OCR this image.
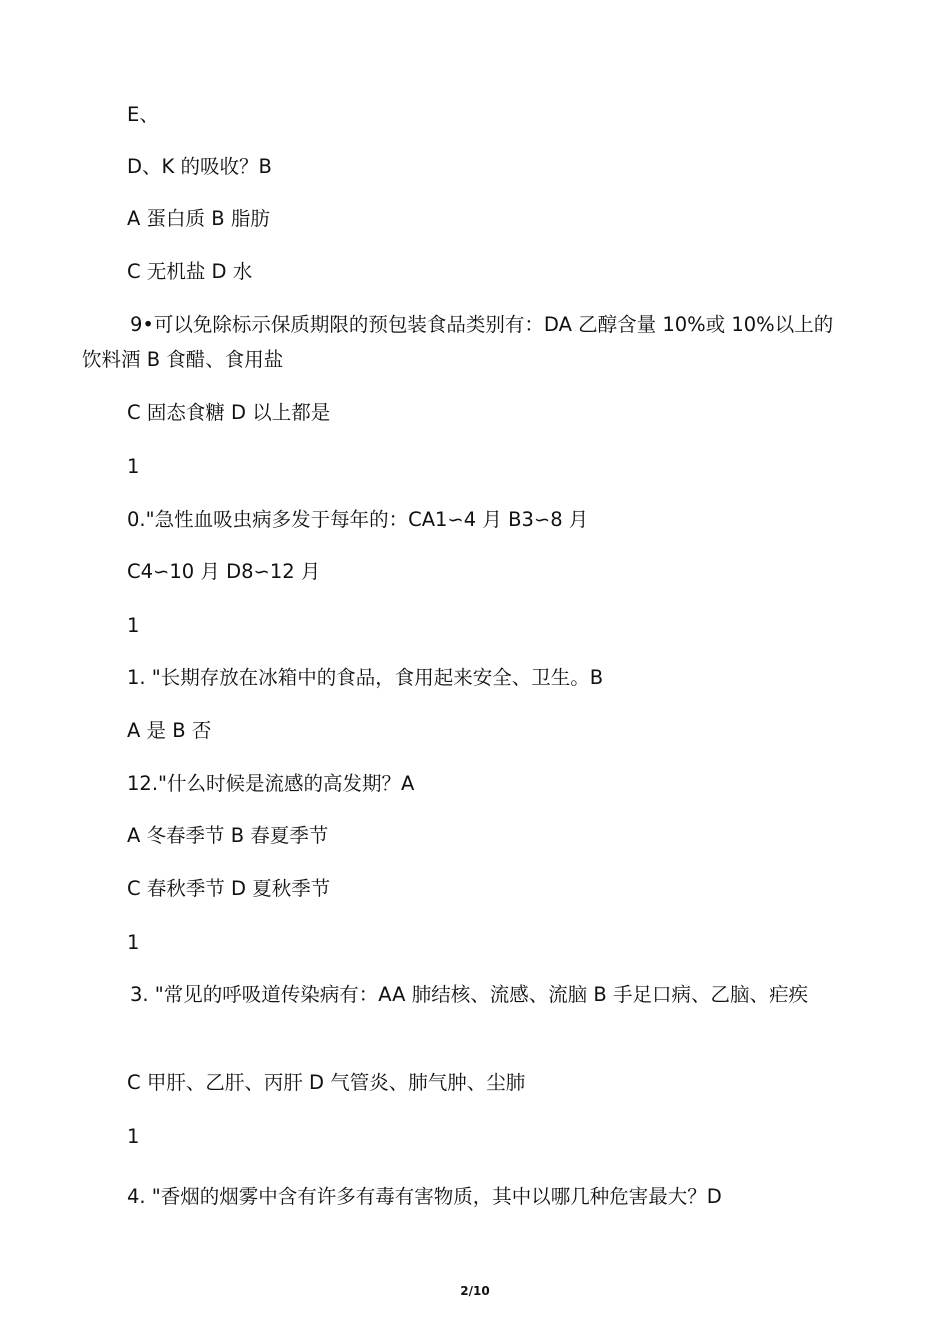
E、

D、K 的吸收？B

A 蛋白质 B 脂肪

C 无机盐 D 水

9•可以免除标示保质期限的预包装食品类别有：DA 乙醇含量 10%或 10%以上的饮料酒 B 食醋、食用盐

C 固态食糖 D 以上都是

1

0."急性血吸虫病多发于每年的：CA1∽4 月 B3∽8 月

C4∽10 月 D8∽12 月

1

1. "长期存放在冰箱中的食品，食用起来安全、卫生。B

A 是 B 否

12."什么时候是流感的高发期？A

A 冬春季节 B 春夏季节

C 春秋季节 D 夏秋季节

1

3. "常见的呼吸道传染病有：AA 肺结核、流感、流脑 B 手足口病、乙脑、疟疾

C 甲肝、乙肝、丙肝 D 气管炎、肺气肿、尘肺

1

4. "香烟的烟雾中含有许多有毒有害物质，其中以哪几种危害最大？D

2/10
